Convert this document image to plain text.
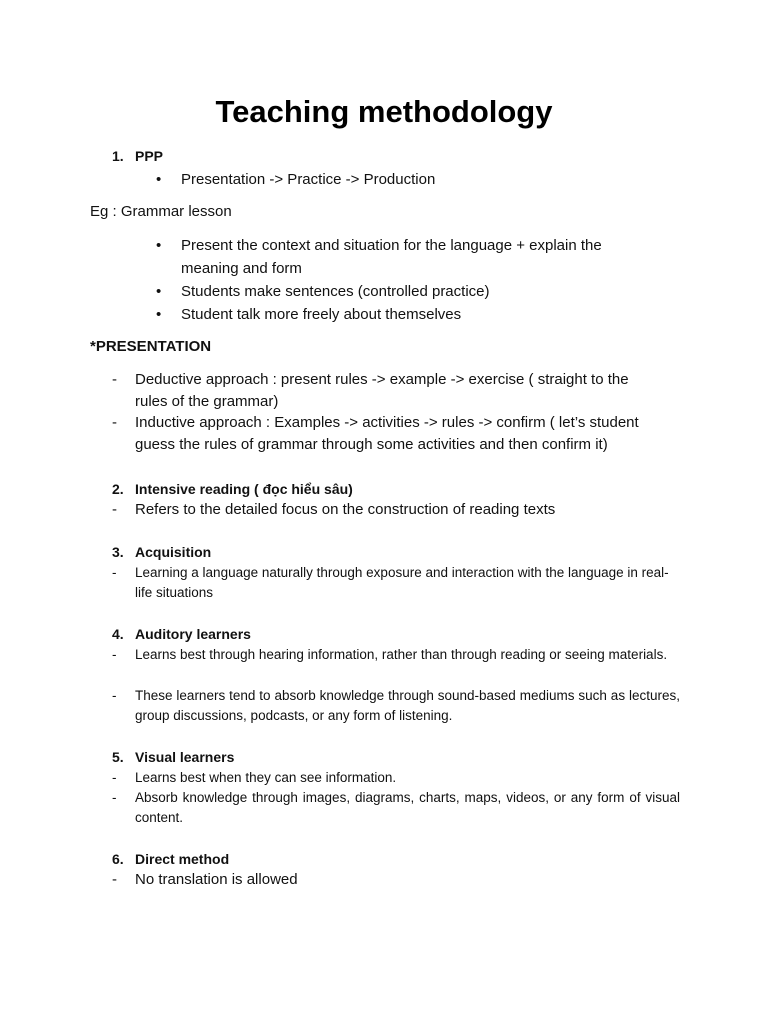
Teaching methodology
1. PPP
• Presentation -> Practice -> Production
Eg : Grammar lesson
• Present the context and situation for the language + explain the meaning and form
• Students make sentences (controlled practice)
• Student talk more freely about themselves
*PRESENTATION
- Deductive approach : present rules -> example -> exercise ( straight to the rules of the grammar)
- Inductive approach : Examples -> activities -> rules -> confirm ( let’s student guess the rules of grammar through some activities and then confirm it)
2. Intensive reading ( đọc hiểu sâu)
- Refers to the detailed focus on the construction of reading texts
3. Acquisition
- Learning a language naturally through exposure and interaction with the language in real-life situations
4. Auditory learners
- Learns best through hearing information, rather than through reading or seeing materials.
- These learners tend to absorb knowledge through sound-based mediums such as lectures, group discussions, podcasts, or any form of listening.
5. Visual learners
- Learns best when they can see information.
- Absorb knowledge through images, diagrams, charts, maps, videos, or any form of visual content.
6. Direct method
- No translation is allowed
